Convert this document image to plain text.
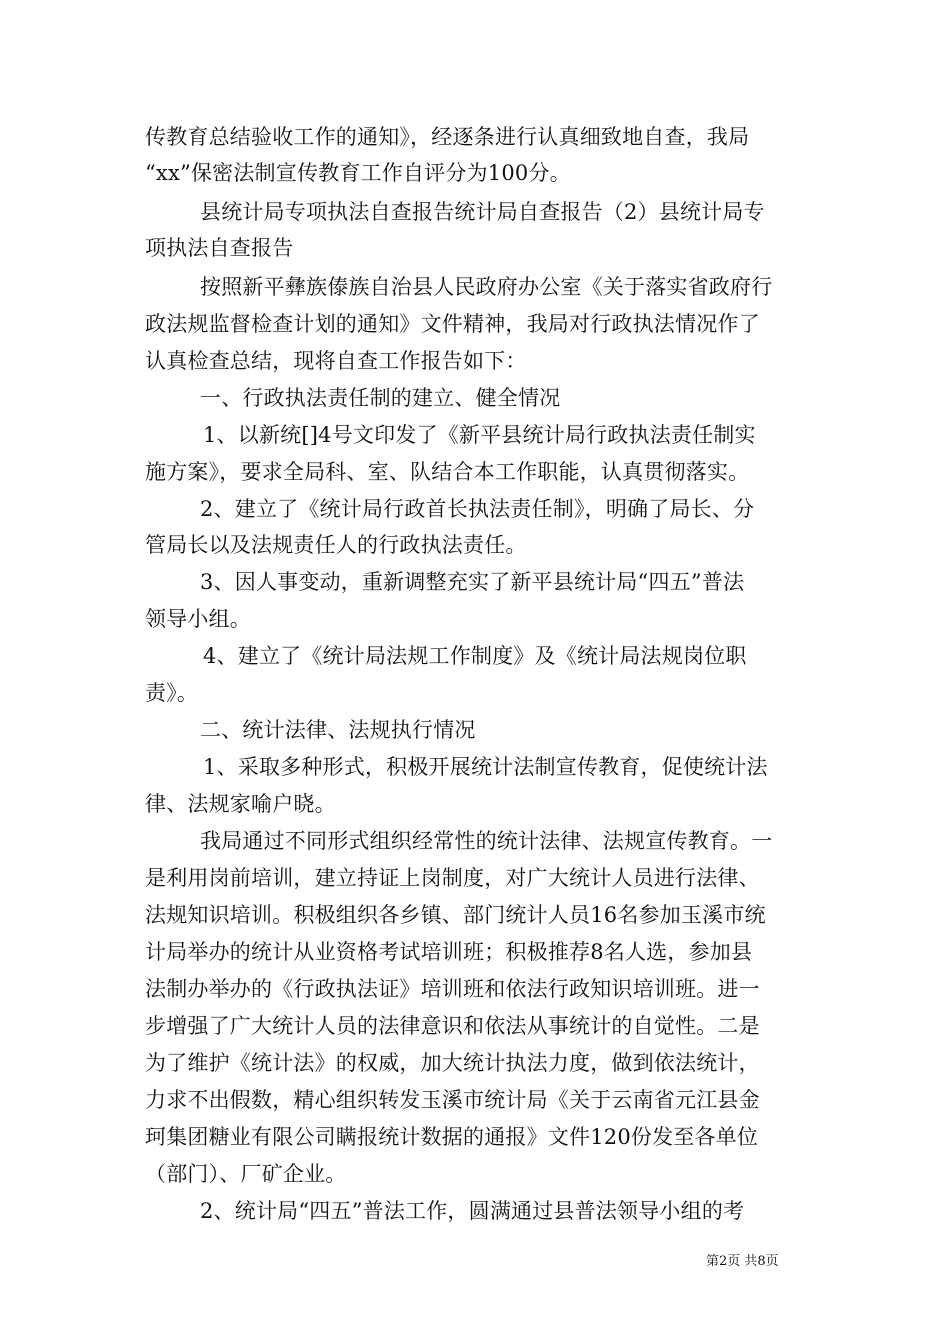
传教育总结验收工作的通知》，经逐条进行认真细致地自查，我局
“xx”保密法制宣传教育工作自评分为100分。
县统计局专项执法自查报告统计局自查报告（2）县统计局专
项执法自查报告
按照新平彝族傣族自治县人民政府办公室《关于落实省政府行
政法规监督检查计划的通知》文件精神，我局对行政执法情况作了
认真检查总结，现将自查工作报告如下：
一、行政执法责任制的建立、健全情况
1、以新统[]4号文印发了《新平县统计局行政执法责任制实
施方案》，要求全局科、室、队结合本工作职能，认真贯彻落实。
2、建立了《统计局行政首长执法责任制》，明确了局长、分
管局长以及法规责任人的行政执法责任。
3、因人事变动，重新调整充实了新平县统计局“四五”普法
领导小组。
4、建立了《统计局法规工作制度》及《统计局法规岗位职
责》。
二、统计法律、法规执行情况
1、采取多种形式，积极开展统计法制宣传教育，促使统计法
律、法规家喻户晓。
我局通过不同形式组织经常性的统计法律、法规宣传教育。一
是利用岗前培训，建立持证上岗制度，对广大统计人员进行法律、
法规知识培训。积极组织各乡镇、部门统计人员16名参加玉溪市统
计局举办的统计从业资格考试培训班；积极推荐8名人选，参加县
法制办举办的《行政执法证》培训班和依法行政知识培训班。进一
步增强了广大统计人员的法律意识和依法从事统计的自觉性。二是
为了维护《统计法》的权威，加大统计执法力度，做到依法统计，
力求不出假数，精心组织转发玉溪市统计局《关于云南省元江县金
珂集团糖业有限公司瞒报统计数据的通报》文件120份发至各单位
（部门）、厂矿企业。
2、统计局“四五”普法工作，圆满通过县普法领导小组的考
第2页 共8页
